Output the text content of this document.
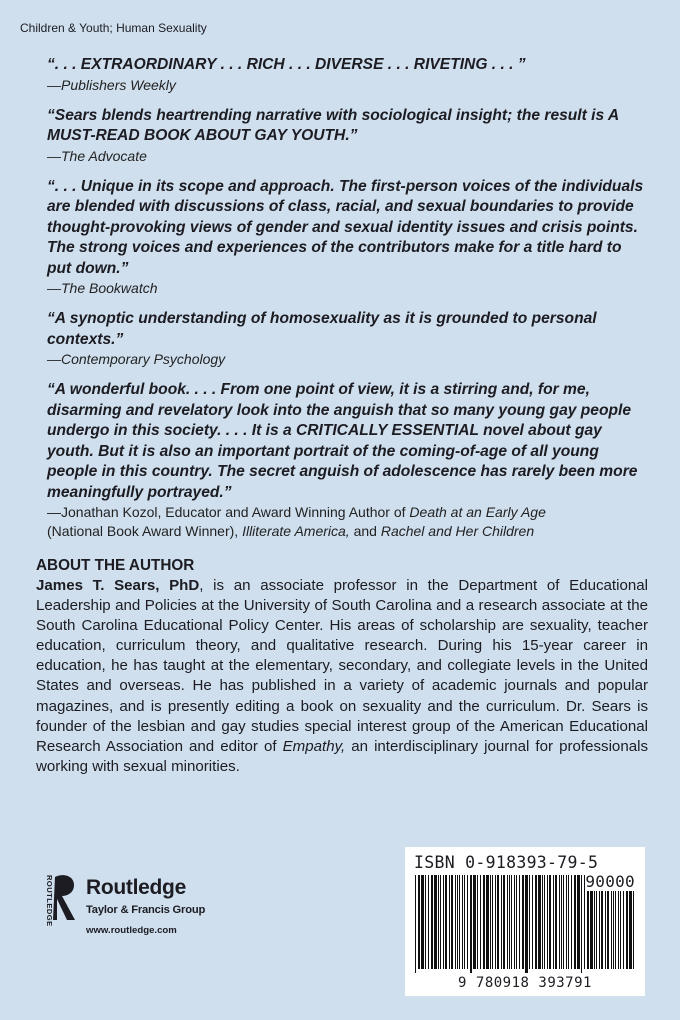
Children & Youth; Human Sexuality
“. . . EXTRAORDINARY . . . RICH . . . DIVERSE . . . RIVETING . . . ”
—Publishers Weekly
“Sears blends heartrending narrative with sociological insight; the result is A MUST-READ BOOK ABOUT GAY YOUTH.”
—The Advocate
“. . . Unique in its scope and approach. The first-person voices of the individuals are blended with discussions of class, racial, and sexual boundaries to provide thought-provoking views of gender and sexual identity issues and crisis points. The strong voices and experiences of the contributors make for a title hard to put down.”
—The Bookwatch
“A synoptic understanding of homosexuality as it is grounded to personal contexts.”
—Contemporary Psychology
“A wonderful book. . . . From one point of view, it is a stirring and, for me, disarming and revelatory look into the anguish that so many young gay people undergo in this society. . . . It is a CRITICALLY ESSENTIAL novel about gay youth. But it is also an important portrait of the coming-of-age of all young people in this country. The secret anguish of adolescence has rarely been more meaningfully portrayed.”
—Jonathan Kozol, Educator and Award Winning Author of Death at an Early Age
(National Book Award Winner), Illiterate America, and Rachel and Her Children
ABOUT THE AUTHOR
James T. Sears, PhD, is an associate professor in the Department of Educational Leadership and Policies at the University of South Carolina and a research associate at the South Carolina Educational Policy Center. His areas of scholarship are sexuality, teacher education, curriculum theory, and qualitative research. During his 15-year career in education, he has taught at the elementary, secondary, and collegiate levels in the United States and overseas. He has published in a variety of academic journals and popular magazines, and is presently editing a book on sexuality and the curriculum. Dr. Sears is founder of the lesbian and gay studies special interest group of the American Educational Research Association and editor of Empathy, an interdisciplinary journal for professionals working with sexual minorities.
ROUTLEDGE Routledge
Taylor & Francis Group
www.routledge.com
ISBN 0-918393-79-5
90000
9 780918 393791
